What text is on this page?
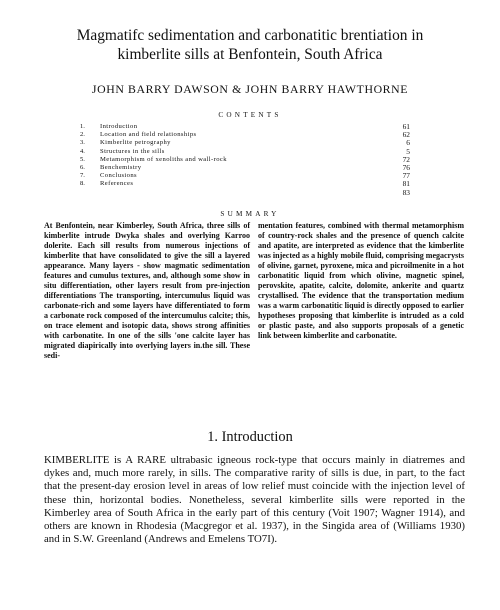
Magmatifc sedimentation and carbonatitic brentiation in
kimberlite sills at Benfontein, South Africa
JOHN BARRY DAWSON & JOHN BARRY HAWTHORNE
CONTENTS
1.	Introduction	61
2.	Location and field relationships	62
3.	Kimberlite petrography	6
4.	Structures in the sills	5
5.	Metamorphism of xenoliths and wall-rock	72
6.	Benchemistry	76
7.	Conclusions	77
8.	References	81
83
SUMMARY
At Benfontein, near Kimberley, South Africa, three sills of kimberlite intrude Dwyka shales and overlying Karroo dolerite. Each sill results from numerous injections of kimberlite that have consolidated to give the sill a layered appearance. Many layers - show magmatic sedimentation features and cumulus textures, and, although some show in situ differentiation, other layers result from pre-injection differentiations The transporting, intercumulus liquid was carbonate-rich and some layers have differentiated to form a carbonate rock composed of the intercumulus calcite; this, on trace element and isotopic data, shows strong affinities with carbonatite. In one of the sills 'one calcite layer has migrated diapirically into overlying layers in.the sill. These sedi-
mentation features, combined with thermal metamorphism of country-rock shales and the presence of quench calcite and apatite, are interpreted as evidence that the kimberlite was injected as a highly mobile fluid, comprising megacrysts of olivine, garnet, pyroxene, mica and picroilmenite in a hot carbonatitic liquid from which olivine, magnetic spinel, perovskite, apatite, calcite, dolomite, ankerite and quartz crystallised. The evidence that the transportation medium was a warm carbonatitic liquid is directly opposed to earlier hypotheses proposing that kimberlite is intruded as a cold or plastic paste, and also supports proposals of a genetic link between kimberlite and carbonatite.
1. Introduction
KIMBERLITE is A RARE ultrabasic igneous rock-type that occurs mainly in diatremes and dykes and, much more rarely, in sills. The comparative rarity of sills is due, in part, to the fact that the present-day erosion level in areas of low relief must coincide with the injection level of these thin, horizontal bodies. Nonetheless, several kimberlite sills were reported in the Kimberley area of South Africa in the early part of this century (Voit 1907; Wagner 1914), and others are known in Rhodesia (Macgregor et al. 1937), in the Singida area of (Williams 1930) and in S.W. Greenland (Andrews and Emelens TO7I).
